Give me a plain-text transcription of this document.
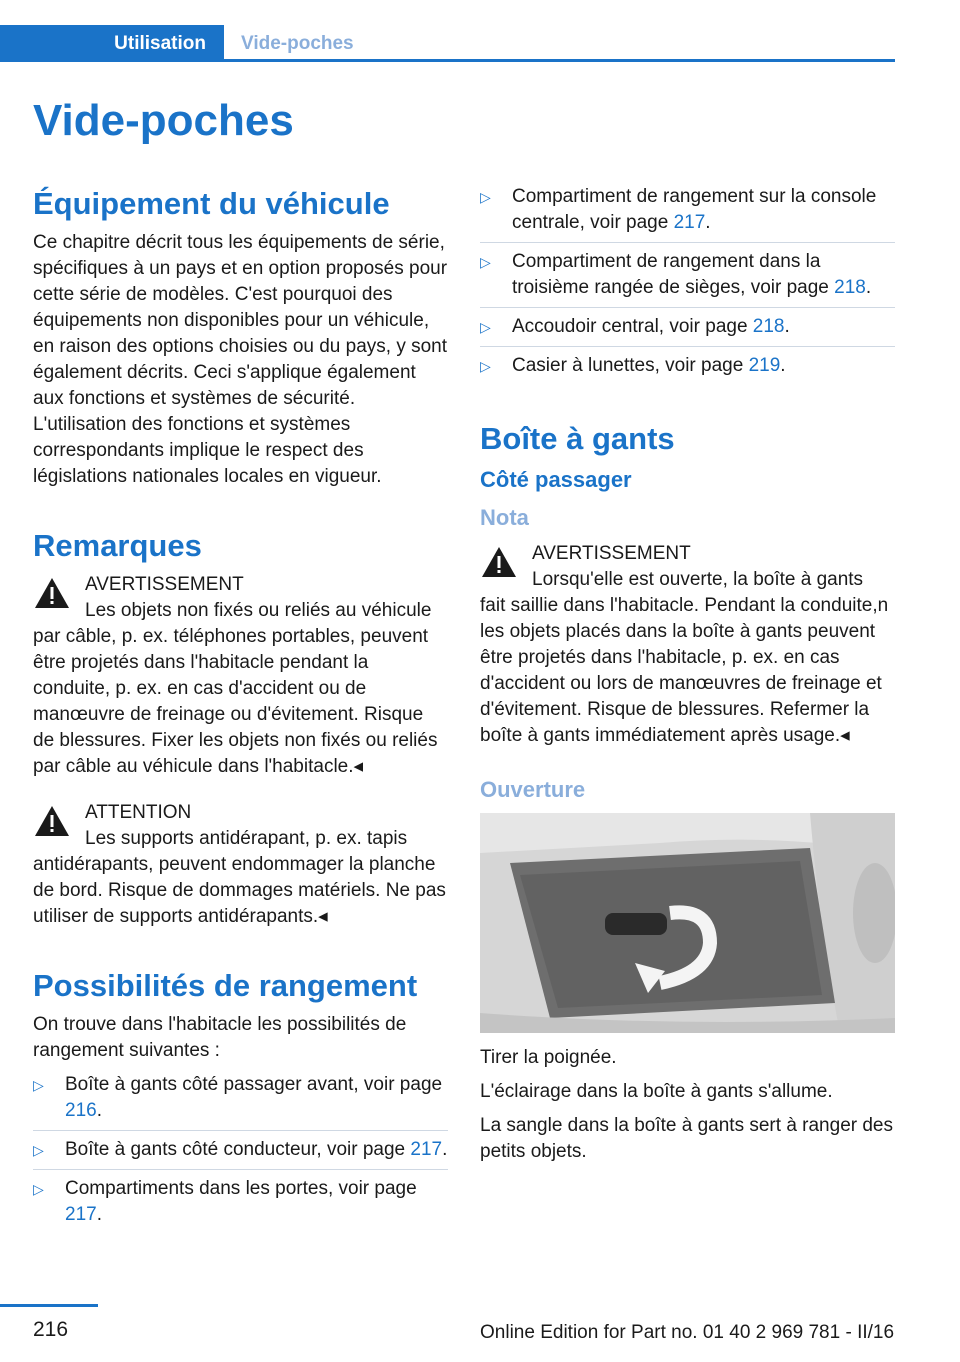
Utilisation	Vide-poches
Vide-poches
Équipement du véhicule

Ce chapitre décrit tous les équipements de série, spécifiques à un pays et en option proposés pour cette série de modèles. C'est pourquoi des équipements non disponibles pour un véhicule, en raison des options choisies ou du pays, y sont également décrits. Ceci s'applique également aux fonctions et systèmes de sécurité. L'utilisation des fonctions et systèmes correspondants implique le respect des législations nationales locales en vigueur.

Remarques
AVERTISSEMENT
Les objets non fixés ou reliés au véhicule
par câble, p. ex. téléphones portables, peuvent être projetés dans l'habitacle pendant la conduite, p. ex. en cas d'accident ou de manœuvre de freinage ou d'évitement. Risque de blessures. Fixer les objets non fixés ou reliés par câble au véhicule dans l'habitacle.◂
ATTENTION
Les supports antidérapant, p. ex. tapis
antidérapants, peuvent endommager la planche de bord. Risque de dommages matériels. Ne pas utiliser de supports antidérapants.◂
Possibilités de rangement

On trouve dans l'habitacle les possibilités de rangement suivantes :

▷ Boîte à gants côté passager avant, voir page 216.
▷ Boîte à gants côté conducteur, voir page 217.
▷ Compartiments dans les portes, voir page 217.
▷ Compartiment de rangement sur la console centrale, voir page 217.
▷ Compartiment de rangement dans la troisième rangée de sièges, voir page 218.
▷ Accoudoir central, voir page 218.
▷ Casier à lunettes, voir page 219.
Boîte à gants
Côté passager
Nota
AVERTISSEMENT
Lorsqu'elle est ouverte, la boîte à gants
fait saillie dans l'habitacle. Pendant la conduite,n les objets placés dans la boîte à gants peuvent être projetés dans l'habitacle, p. ex. en cas d'accident ou lors de manœuvres de freinage et d'évitement. Risque de blessures. Refermer la boîte à gants immédiatement après usage.◂
Ouverture

Tirer la poignée.

L'éclairage dans la boîte à gants s'allume.

La sangle dans la boîte à gants sert à ranger des petits objets.

216	Online Edition for Part no. 01 40 2 969 781 - II/16
